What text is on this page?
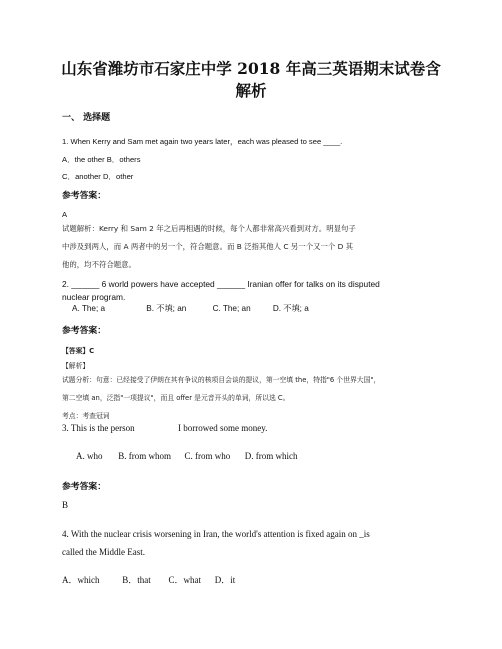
山东省潍坊市石家庄中学 2018 年高三英语期末试卷含
解析
一、 选择题
1. When Kerry and Sam met again two years later，each was pleased to see ____.
A．the other B．others
C．another D．other
参考答案：
A
试题解析：Kerry 和 Sam 2 年之后再相遇的时候，每个人都非常高兴看到对方。明显句子
中涉及到两人，而 A 两者中的另一个，符合题意。而 B 泛指其他人 C 另一个又一个 D 其
他的，均不符合题意。
2. ______ 6 world powers have accepted ______ Iranian offer for talks on its disputed
nuclear program.
A. The; a	B. 不填; an	C. The; an	D. 不填; a
参考答案：
【答案】C
【解析】
试题分析：句意：已经接受了伊朗在其有争议的核项目会谈的提议，第一空填 the，特指"6 个世界大国"，
第二空填 an，泛指"一项提议"，而且 offer 是元音开头的单词，所以选 C。
考点：考查冠词
3. This is the person	I borrowed some money.
A. who B. from whom C. from who D. from which
参考答案：
B
4. With the nuclear crisis worsening in Iran, the world's attention is fixed again on _is
called the Middle East.
A．which	B．that C．what D．it
